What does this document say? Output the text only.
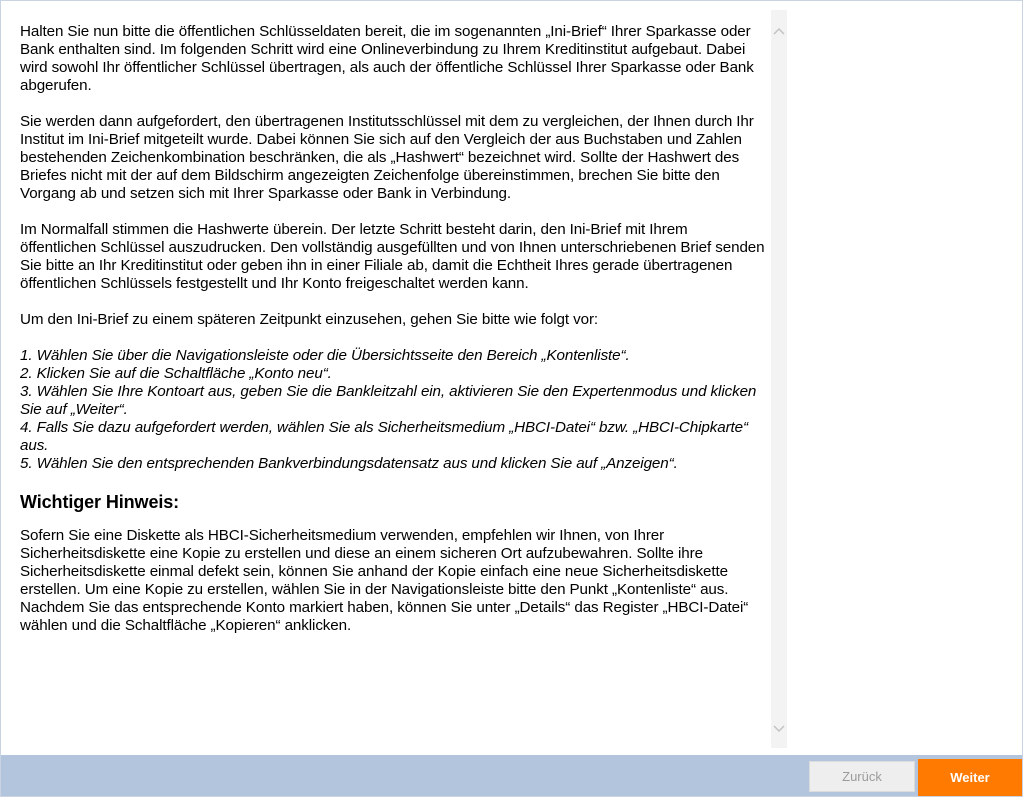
Halten Sie nun bitte die öffentlichen Schlüsseldaten bereit, die im sogenannten „Ini-Brief“ Ihrer Sparkasse oder Bank enthalten sind. Im folgenden Schritt wird eine Onlineverbindung zu Ihrem Kreditinstitut aufgebaut. Dabei wird sowohl Ihr öffentlicher Schlüssel übertragen, als auch der öffentliche Schlüssel Ihrer Sparkasse oder Bank abgerufen.

Sie werden dann aufgefordert, den übertragenen Institutsschlüssel mit dem zu vergleichen, der Ihnen durch Ihr Institut im Ini-Brief mitgeteilt wurde. Dabei können Sie sich auf den Vergleich der aus Buchstaben und Zahlen bestehenden Zeichenkombination beschränken, die als „Hashwert“ bezeichnet wird. Sollte der Hashwert des Briefes nicht mit der auf dem Bildschirm angezeigten Zeichenfolge übereinstimmen, brechen Sie bitte den Vorgang ab und setzen sich mit Ihrer Sparkasse oder Bank in Verbindung.

Im Normalfall stimmen die Hashwerte überein. Der letzte Schritt besteht darin, den Ini-Brief mit Ihrem öffentlichen Schlüssel auszudrucken. Den vollständig ausgefüllten und von Ihnen unterschriebenen Brief senden Sie bitte an Ihr Kreditinstitut oder geben ihn in einer Filiale ab, damit die Echtheit Ihres gerade übertragenen öffentlichen Schlüssels festgestellt und Ihr Konto freigeschaltet werden kann.

Um den Ini-Brief zu einem späteren Zeitpunkt einzusehen, gehen Sie bitte wie folgt vor:

1. Wählen Sie über die Navigationsleiste oder die Übersichtsseite den Bereich „Kontenliste“.
2. Klicken Sie auf die Schaltfläche „Konto neu“.
3. Wählen Sie Ihre Kontoart aus, geben Sie die Bankleitzahl ein, aktivieren Sie den Expertenmodus und klicken Sie auf „Weiter“.
4. Falls Sie dazu aufgefordert werden, wählen Sie als Sicherheitsmedium „HBCI-Datei“ bzw. „HBCI-Chipkarte“ aus.
5. Wählen Sie den entsprechenden Bankverbindungsdatensatz aus und klicken Sie auf „Anzeigen“.
Wichtiger Hinweis:

Sofern Sie eine Diskette als HBCI-Sicherheitsmedium verwenden, empfehlen wir Ihnen, von Ihrer Sicherheitsdiskette eine Kopie zu erstellen und diese an einem sicheren Ort aufzubewahren. Sollte ihre Sicherheitsdiskette einmal defekt sein, können Sie anhand der Kopie einfach eine neue Sicherheitsdiskette erstellen. Um eine Kopie zu erstellen, wählen Sie in der Navigationsleiste bitte den Punkt „Kontenliste“ aus. Nachdem Sie das entsprechende Konto markiert haben, können Sie unter „Details“ das Register „HBCI-Datei“ wählen und die Schaltfläche „Kopieren“ anklicken.

Zurück	Weiter
